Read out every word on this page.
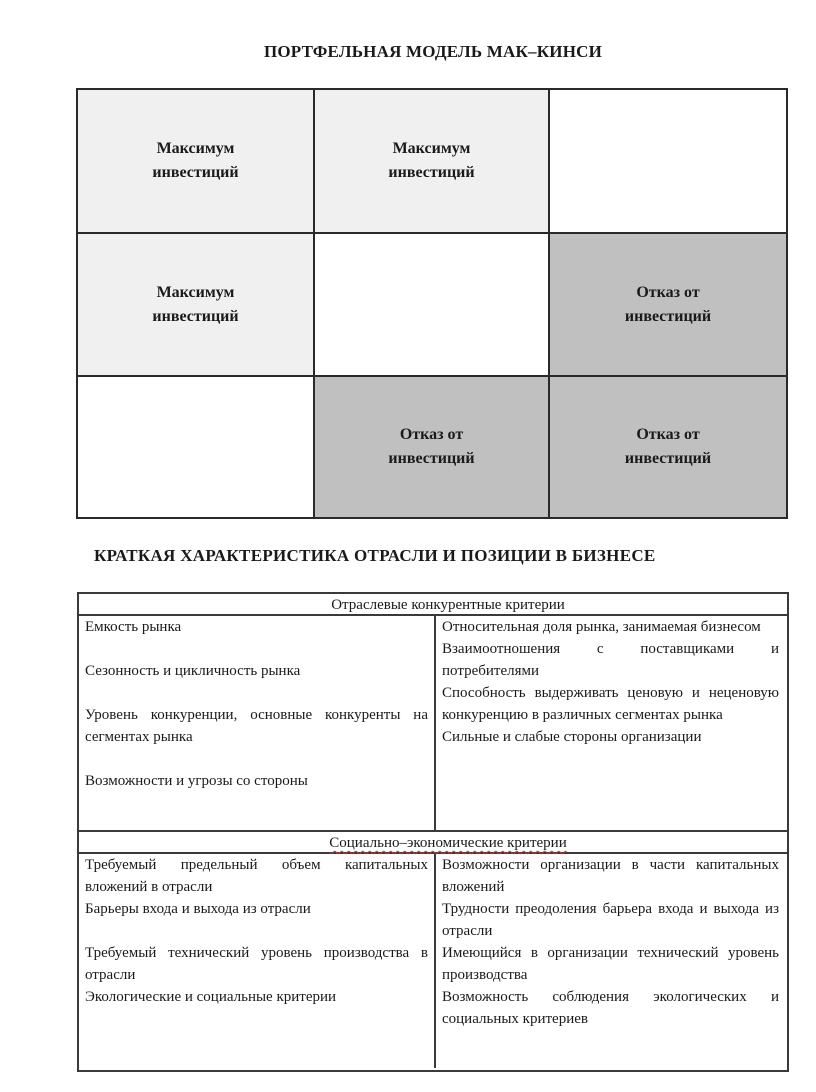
ПОРТФЕЛЬНАЯ МОДЕЛЬ МАК–КИНСИ
Максимум
инвестиций
Максимум
инвестиций
Максимум
инвестиций
Отказ от
инвестиций
Отказ от
инвестиций
Отказ от
инвестиций
КРАТКАЯ ХАРАКТЕРИСТИКА ОТРАСЛИ И ПОЗИЦИИ В БИЗНЕСЕ
Отраслевые конкурентные критерии
Емкость рынка
Сезонность и цикличность рынка
Уровень конкуренции, основные конкуренты на сегментах рынка
Возможности и угрозы со стороны
Относительная доля рынка, занимаемая бизнесом
Взаимоотношения с поставщиками и потребителями
Способность выдерживать ценовую и неценовую конкуренцию в различных сегментах рынка
Сильные и слабые стороны организации
Социально–экономические критерии
Требуемый предельный объем капитальных вложений в отрасли
Барьеры входа и выхода из отрасли
Требуемый технический уровень производства в отрасли
Экологические и социальные критерии
Возможности организации в части капитальных вложений
Трудности преодоления барьера входа и выхода из отрасли
Имеющийся в организации технический уровень производства
Возможность соблюдения экологических и социальных критериев
